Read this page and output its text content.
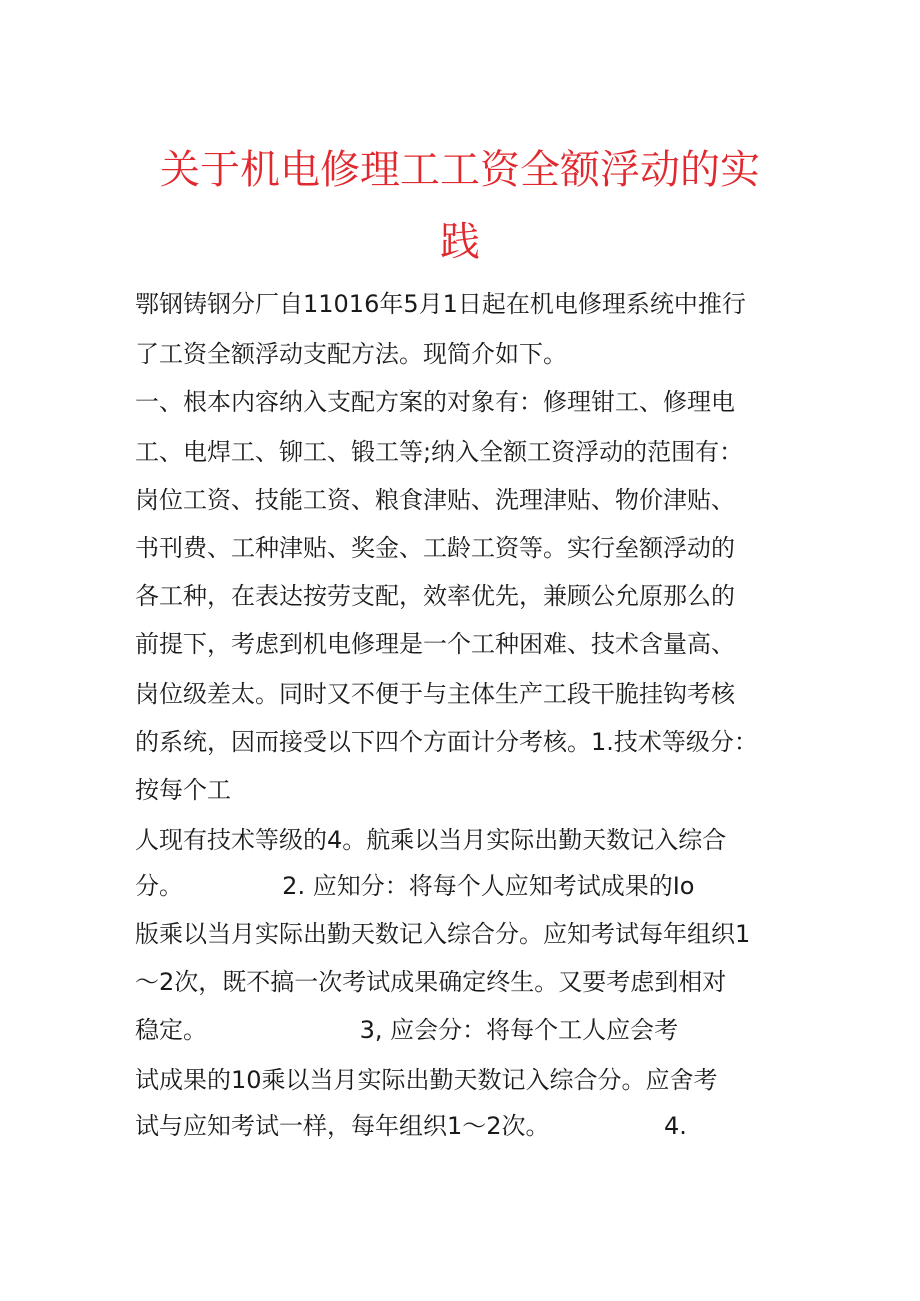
关于机电修理工工资全额浮动的实
践

鄂钢铸钢分厂自11016年5月1日起在机电修理系统中推行

了工资全额浮动支配方法。现简介如下。

一、根本内容纳入支配方案的对象有：修理钳工、修理电

工、电焊工、铆工、锻工等;纳入全额工资浮动的范围有：

岗位工资、技能工资、粮食津贴、洗理津贴、物价津贴、

书刊费、工种津贴、奖金、工龄工资等。实行垒额浮动的

各工种，在表达按劳支配，效率优先，兼顾公允原那么的

前提下，考虑到机电修理是一个工种困难、技术含量高、

岗位级差太。同时又不便于与主体生产工段干脆挂钩考核

的系统，因而接受以下四个方面计分考核。1.技术等级分：

按每个工

人现有技术等级的4。航乘以当月实际出勤天数记入综合

分。             2. 应知分：将每个人应知考试成果的Io

版乘以当月实际出勤天数记入综合分。应知考试每年组织1

～2次，既不搞一次考试成果确定终生。又要考虑到相对

稳定。                    3, 应会分：将每个工人应会考

试成果的10乘以当月实际出勤天数记入综合分。应舍考

试与应知考试一样，每年组织1～2次。               4.
